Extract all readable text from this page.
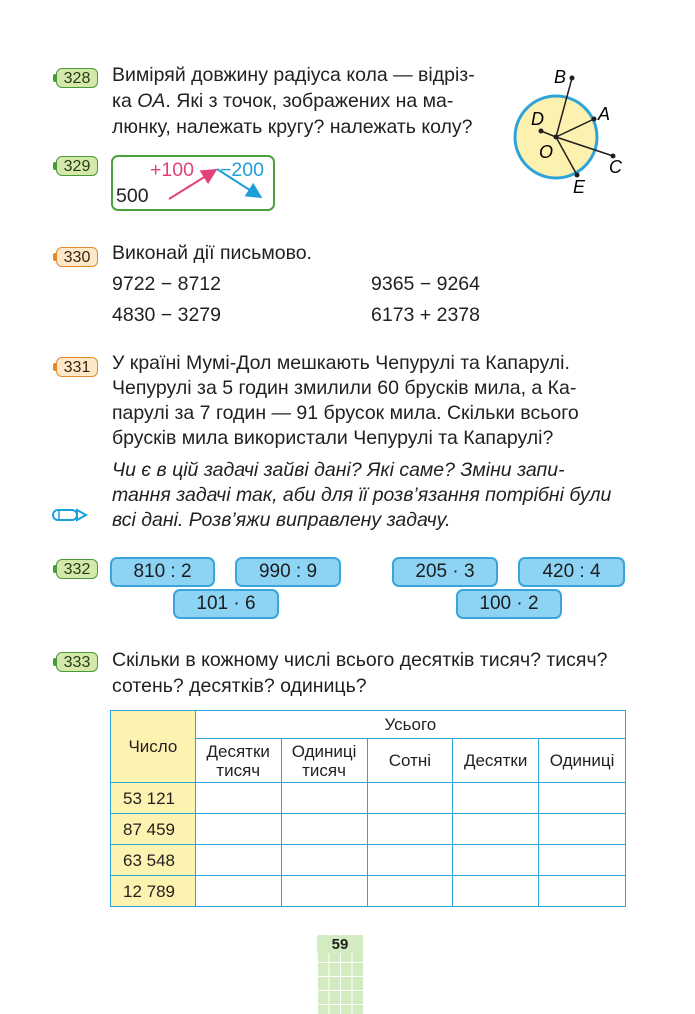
328	Виміряй довжину радіуса кола — відріз-
ка OA. Які з точок, зображених на ма-
люнку, належать кругу? належать колу?
B
A
D
O
C
E
329
500
+100 −200
330	Виконай дії письмово.
9722 − 8712	9365 − 9264
4830 − 3279	6173 + 2378
331	У країні Мумі-Дол мешкають Чепурулі та Капарулі.
Чепурулі за 5 годин змилили 60 брусків мила, а Ка-
парулі за 7 годин — 91 брусок мила. Скільки всього
брусків мила використали Чепурулі та Капарулі?
Чи є в цій задачі зайві дані? Які саме? Зміни запи-
тання задачі так, аби для її розв’язання потрібні були
всі дані. Розв’яжи виправлену задачу.
332	810 : 2	990 : 9
101 · 6
205 · 3	420 : 4
100 · 2
333	Скільки в кожному числі всього десятків тисяч? тисяч?
сотень? десятків? одиниць?
Число	Усього				
	Десятки тисяч	Одиниці тисяч	Сотні	Десятки	Одиниці
53 121					
87 459					
63 548					
12 789					
59
